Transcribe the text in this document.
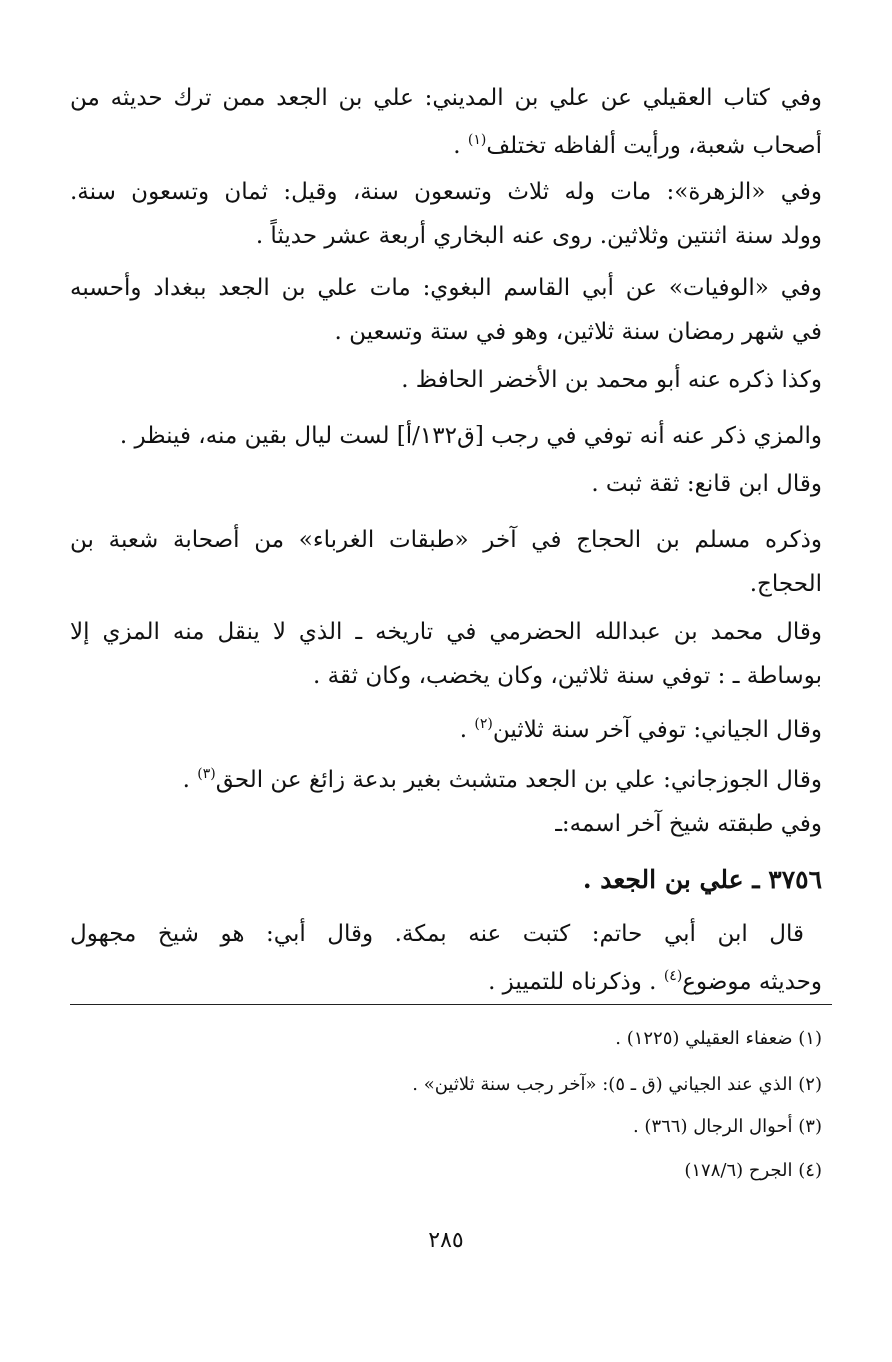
وفي كتاب العقيلي عن علي بن المديني: علي بن الجعد ممن ترك حديثه من
أصحاب شعبة، ورأيت ألفاظه تختلف$^{(١)}$ .
وفي «الزهرة»: مات وله ثلاث وتسعون سنة، وقيل: ثمان وتسعون سنة.
وولد سنة اثنتين وثلاثين. روى عنه البخاري أربعة عشر حديثاً .
وفي «الوفيات» عن أبي القاسم البغوي: مات علي بن الجعد ببغداد وأحسبه
في شهر رمضان سنة ثلاثين، وهو في ستة وتسعين .
وكذا ذكره عنه أبو محمد بن الأخضر الحافظ .
والمزي ذكر عنه أنه توفي في رجب [ق١٣٢/أ] لست ليال بقين منه، فينظر .
وقال ابن قانع: ثقة ثبت .
وذكره مسلم بن الحجاج في آخر «طبقات الغرباء» من أصحابة شعبة بن
الحجاج.
وقال محمد بن عبدالله الحضرمي في تاريخه ـ الذي لا ينقل منه المزي إلا
بوساطة ـ : توفي سنة ثلاثين، وكان يخضب، وكان ثقة .
وقال الجياني: توفي آخر سنة ثلاثين$^{(٢)}$ .
وقال الجوزجاني: علي بن الجعد متشبث بغير بدعة زائغ عن الحق$^{(٣)}$ .
وفي طبقته شيخ آخر اسمه:ـ
٣٧٥٦ ـ علي بن الجعد .
قال ابن أبي حاتم: كتبت عنه بمكة. وقال أبي: هو شيخ مجهول
وحديثه موضوع$^{(٤)}$ . وذكرناه للتمييز .
(١) ضعفاء العقيلي (١٢٢٥) .
(٢) الذي عند الجياني (ق ـ ٥): «آخر رجب سنة ثلاثين» .
(٣) أحوال الرجال (٣٦٦) .
(٤) الجرح (١٧٨/٦)
٢٨٥
